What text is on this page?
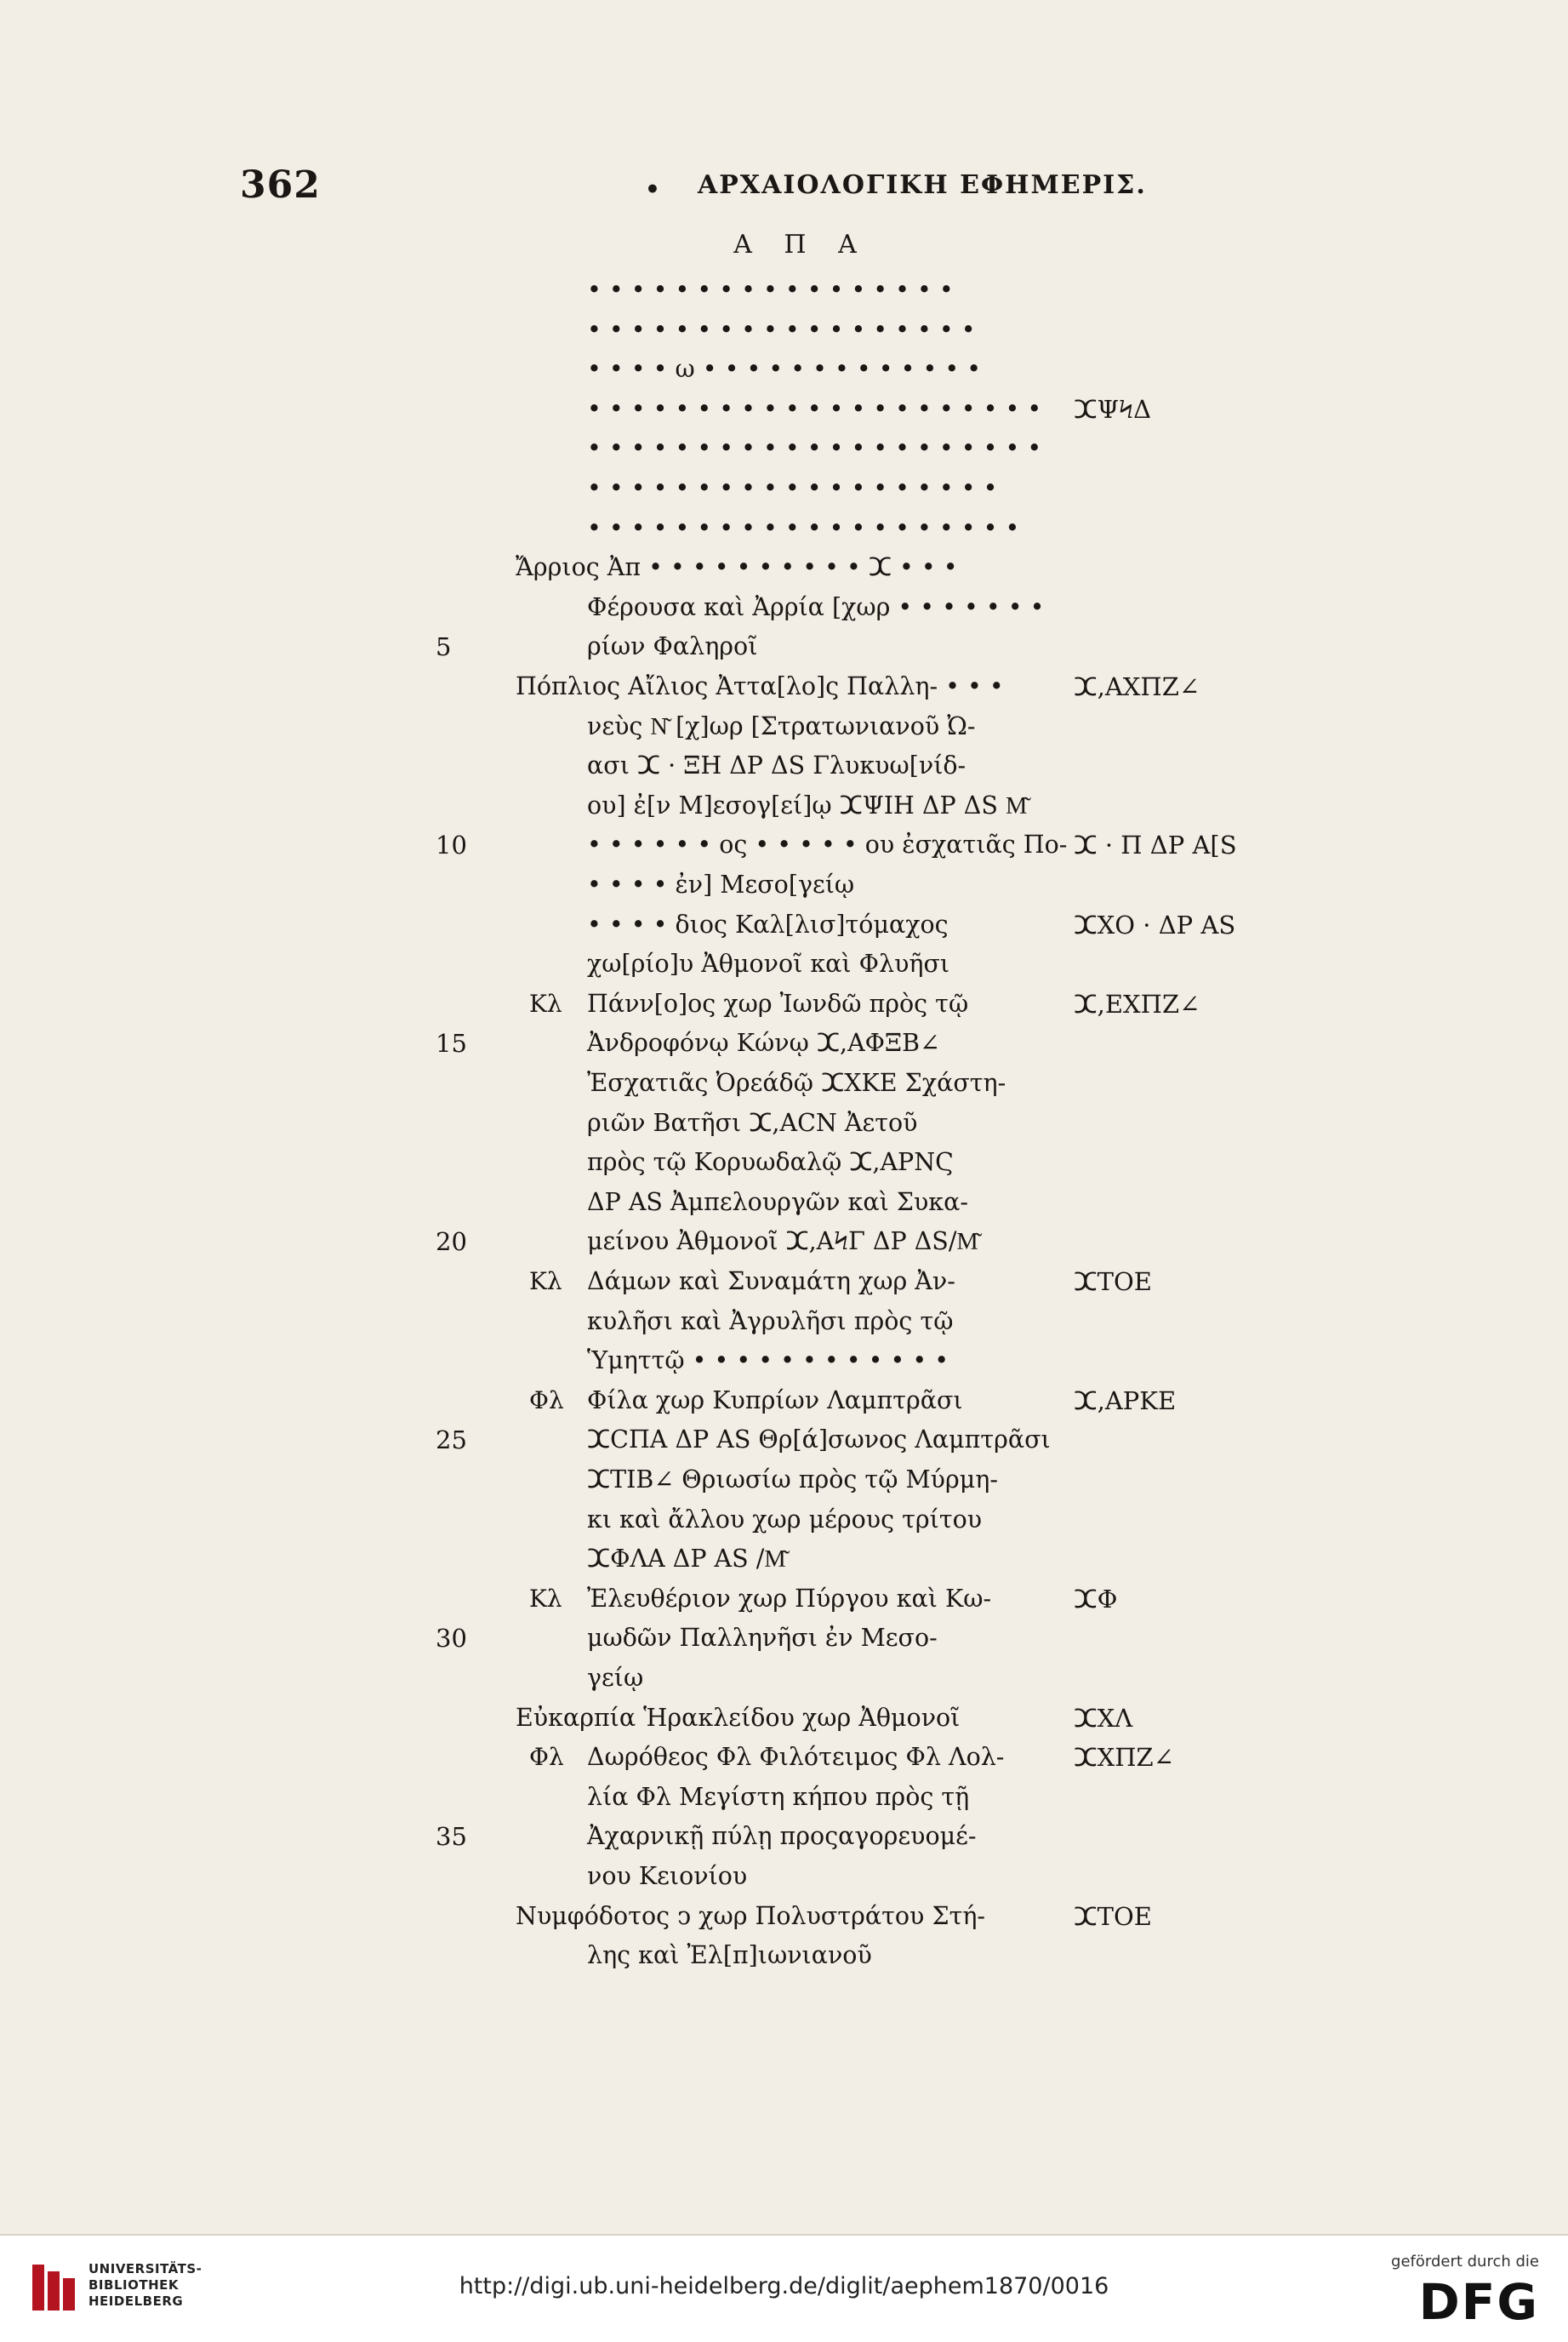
362	• ΑΡΧΑΙΟΛΟΓΙΚΗ ΕΦΗΜΕΡΙΣ.
Α Π Α
• • • • • • • • • • • • • • • • •
• • • • • • • • • • • • • • • • • •
• • • • ω • • • • • • • • • • • • •
• • • • • • • • • • • • • • • • • • • • • ⵋΨϞΔ
• • • • • • • • • • • • • • • • • • • • •
• • • • • • • • • • • • • • • • • • •
• • • • • • • • • • • • • • • • • • • •
Ἄρριος Ἀπ • • • • • • • • • • ⵋ • • •
Φέρουσα καὶ Ἀρρία [χωρ • • • • • • •
5	ρίων Φαληροῖ
Πόπλιος Αἴλιος Ἀττα[λο]ς Παλλη- • • •	ⵋ,ΑΧΠΖ∠
νεὺς Ν͂ [χ]ωρ [Στρατωνιανοῦ Ὠ-
ασι ⵋ · ΞΗ ΔΡ ΔS Γλυκυω[νίδ-
ου] ἐ[ν Μ]εσογ[εί]ῳ ⵋΨΙΗ ΔΡ ΔS Μ͂
10	• • • • • • ος • • • • • ου ἐσχατιᾶς Πο- ⵋ · Π ΔΡ Α[S
• • • • ἐν] Μεσο[γείῳ
• • • • διος Καλ[λισ]τόμαχος	ⵋΧΟ · ΔΡ ΑS
χω[ρίο]υ Ἀθμονοῖ καὶ Φλυῆσι
Κλ Πάνν[ο]ος χωρ Ἰωνδῶ πρὸς τῷ	ⵋ,ΕΧΠΖ∠
15	Ἀνδροφόνῳ Κώνῳ ⵋ,ΑΦΞΒ∠
Ἐσχατιᾶς Ὀρεάδῷ ⵋΧΚΕ Σχάστη-
ριῶν Βατῆσι ⵋ,ΑCΝ Ἀετοῦ
πρὸς τῷ Κορυωδαλῷ ⵋ,ΑΡΝϚ
ΔΡ ΑS Ἀμπελουργῶν καὶ Συκα-
20	μείνου Ἀθμονοῖ ⵋ,ΑϞΓ ΔΡ ΔS/Μ͂
Κλ Δάμων καὶ Συναμάτη χωρ Ἀν-	ⵋΤΟΕ
κυλῆσι καὶ Ἀγρυλῆσι πρὸς τῷ
Ὑμηττῷ • • • • • • • • • • • •
Φλ Φίλα χωρ Κυπρίων Λαμπτρᾶσι	ⵋ,ΑΡΚΕ
25	ⵋCΠΑ ΔΡ ΑS Θρ[ά]σωνος Λαμπτρᾶσι
ⵋΤΙΒ∠ Θριωσίω πρὸς τῷ Μύρμη-
κι καὶ ἄλλου χωρ μέρους τρίτου
ⵋΦΛΑ ΔΡ ΑS /Μ͂
Κλ Ἐλευθέριον χωρ Πύργου καὶ Κω-	ⵋΦ
30	μωδῶν Παλληνῆσι ἐν Μεσο-
γείῳ
Εὐκαρπία Ἡρακλείδου χωρ Ἀθμονοῖ	ⵋΧΛ
Φλ Δωρόθεος Φλ Φιλότειμος Φλ Λολ-	ⵋΧΠΖ∠
λία Φλ Μεγίστη κήπου πρὸς τῇ
35	Ἀχαρνικῇ πύλῃ προςαγορευομέ-
νου Κειονίου
Νυμφόδοτος ↄ χωρ Πολυστράτου Στή-	ⵋΤΟΕ
λης καὶ Ἐλ[π]ιωνιανοῦ
UNIVERSITÄTS-
BIBLIOTHEK
HEIDELBERG
http://digi.ub.uni-heidelberg.de/diglit/aephem1870/0016
gefördert durch die
DFG
